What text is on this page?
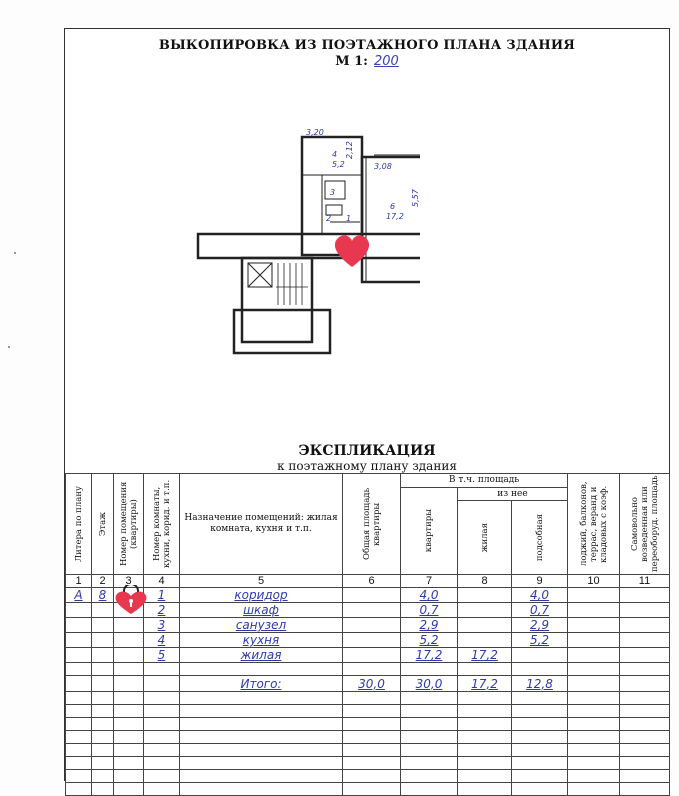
ВЫКОПИРОВКА ИЗ ПОЭТАЖНОГО ПЛАНА ЗДАНИЯ
М 1: 200
3,20
4
5,2	3,08
6
17,2
5,57
1
2
3
2,12
ЭКСПЛИКАЦИЯ
к поэтажному плану здания
Литера по плану	Этаж	Номер помещения (квартиры)	Номер комнаты, кухни, корид. и т.п.	Назначение помещений: жилая комната, кухня и т.п.	Общая площадь квартиры	В т.ч. площадь			лоджий, балконов, террас, веранд и кладовых с коэф.	Самовольно возведенная или переоборуд. площадь

						квартиры	из нее			

							жилая	подсобная		

1	2	3	4	5	6	7	8	9	10	11
А	8		1	коридор		4,0		4,0		
			2	шкаф		0,7		0,7		
			3	санузел		2,9		2,9		
			4	кухня		5,2		5,2		
			5	жилая		17,2	17,2			

				Итого:	30,0	30,0	17,2	12,8		
